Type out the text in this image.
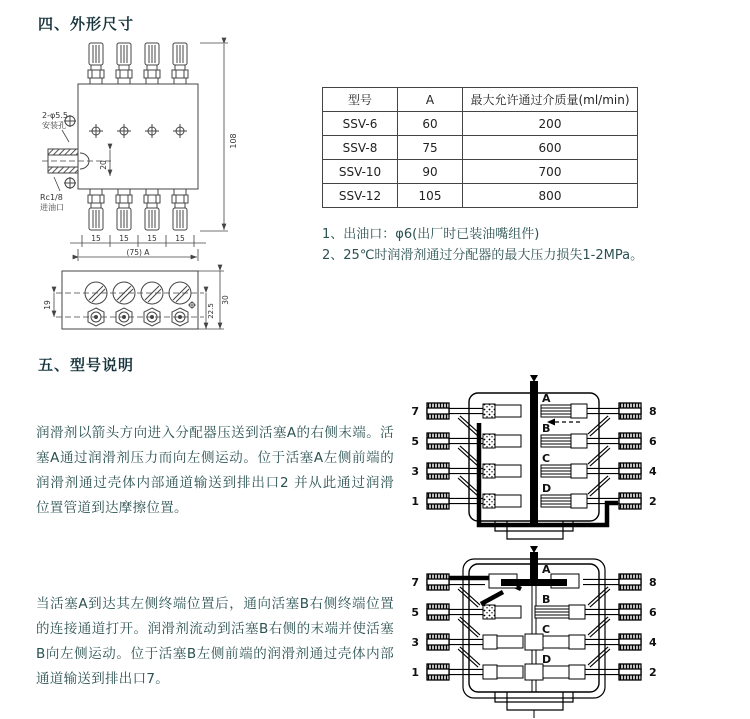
四、外形尺寸
2-φ5.5
安装孔
Rc1/8
进油口
108
20
15 15 15 15
(75) A
19	22.5
30
型号	A	最大允许通过介质量(ml/min)
SSV-6	60	200
SSV-8	75	600
SSV-10	90	700
SSV-12	105	800
1、出油口：φ6(出厂时已装油嘴组件)
2、25℃时润滑剂通过分配器的最大压力损失1-2MPa。
五、型号说明
润滑剂以箭头方向进入分配器压送到活塞A的右侧末端。活塞A通过润滑剂压力而向左侧运动。位于活塞A左侧前端的润滑剂通过壳体内部通道输送到排出口2 并从此通过润滑位置管道到达摩擦位置。
当活塞A到达其左侧终端位置后，通向活塞B右侧终端位置的连接通道打开。润滑剂流动到活塞B右侧的末端并使活塞B向左侧运动。位于活塞B左侧前端的润滑剂通过壳体内部通道输送到排出口7。
7
5
3
1
8
6
4
2
A
B
C
D
7
5
3
1
8
6
4
2
A
B
C
D
